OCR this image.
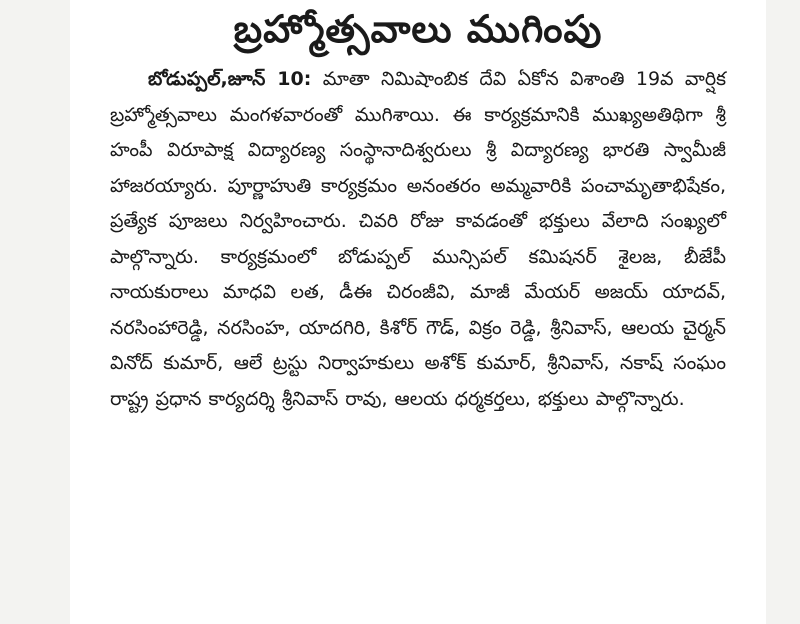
బ్రహ్మోత్సవాలు ముగింపు

బోడుప్పల్‌,జూన్‌ 10: మాతా నిమిషాంబిక దేవి ఏకోన విశాంతి 19వ వార్షిక బ్రహ్మోత్సవాలు మంగళవారంతో ముగిశాయి. ఈ కార్యక్రమానికి ముఖ్యఅతిథిగా శ్రీ హంపీ విరూపాక్ష విద్యారణ్య సంస్థానాదిశ్వరులు శ్రీ విద్యారణ్య భారతి స్వామీజీ హాజరయ్యారు. పూర్ణాహుతి కార్యక్రమం అనంతరం అమ్మవారికి పంచామృతాభిషేకం, ప్రత్యేక పూజలు నిర్వహించారు. చివరి రోజు కావడంతో భక్తులు వేలాది సంఖ్యలో పాల్గొన్నారు. కార్యక్రమంలో బోడుప్పల్‌ మున్సిపల్‌ కమిషనర్‌ శైలజ, బీజేపీ నాయకురాలు మాధవి లత, డీఈ చిరంజీవి, మాజీ మేయర్‌ అజయ్‌ యాదవ్‌, నరసింహారెడ్డి, నరసింహ, యాదగిరి, కిశోర్‌ గౌడ్‌, విక్రం రెడ్డి, శ్రీనివాస్‌, ఆలయ చైర్మన్‌ వినోద్‌ కుమార్‌, ఆలే ట్రస్టు నిర్వాహకులు అశోక్‌ కుమార్‌, శ్రీనివాస్‌, నకాష్‌ సంఘం రాష్ట్ర ప్రధాన కార్యదర్శి శ్రీనివాస్‌ రావు, ఆలయ ధర్మకర్తలు, భక్తులు పాల్గొన్నారు.
